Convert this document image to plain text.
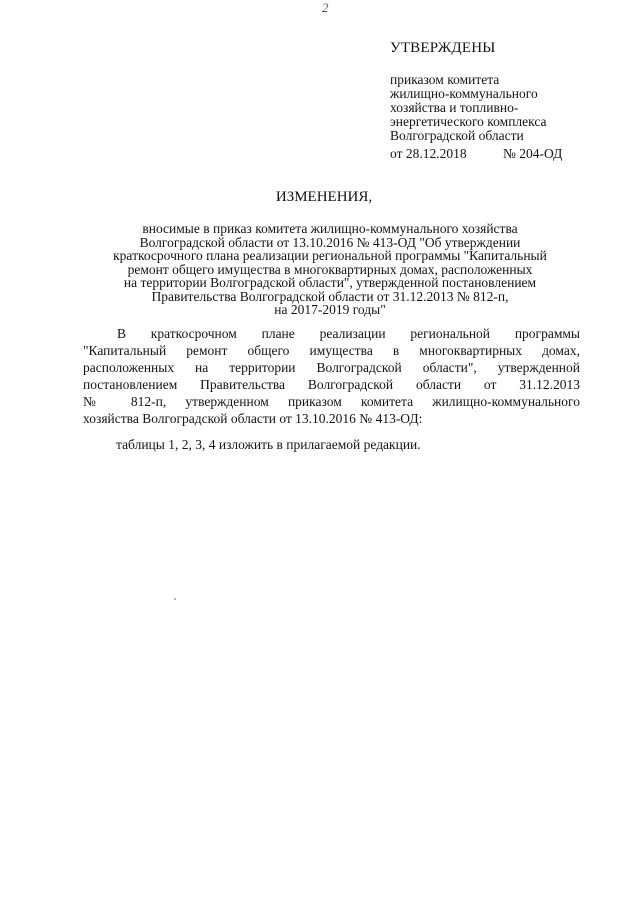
2

УТВЕРЖДЕНЫ

приказом комитета
жилищно-коммунального
хозяйства и топливно-
энергетического комплекса
Волгоградской области

от 28.12.2018	№ 204-ОД
ИЗМЕНЕНИЯ,
вносимые в приказ комитета жилищно-коммунального хозяйства
Волгоградской области от 13.10.2016 № 413-ОД "Об утверждении
краткосрочного плана реализации региональной программы "Капитальный
ремонт общего имущества в многоквартирных домах, расположенных
на территории Волгоградской области", утвержденной постановлением
Правительства Волгоградской области от 31.12.2013 № 812-п,
на 2017-2019 годы"
В краткосрочном плане реализации региональной программы
"Капитальный ремонт общего имущества в многоквартирных домах,
расположенных на территории Волгоградской области", утвержденной
постановлением Правительства Волгоградской области от 31.12.2013
№ 812-п, утвержденном приказом комитета жилищно-коммунального
хозяйства Волгоградской области от 13.10.2016 № 413-ОД:
таблицы 1, 2, 3, 4 изложить в прилагаемой редакции.
